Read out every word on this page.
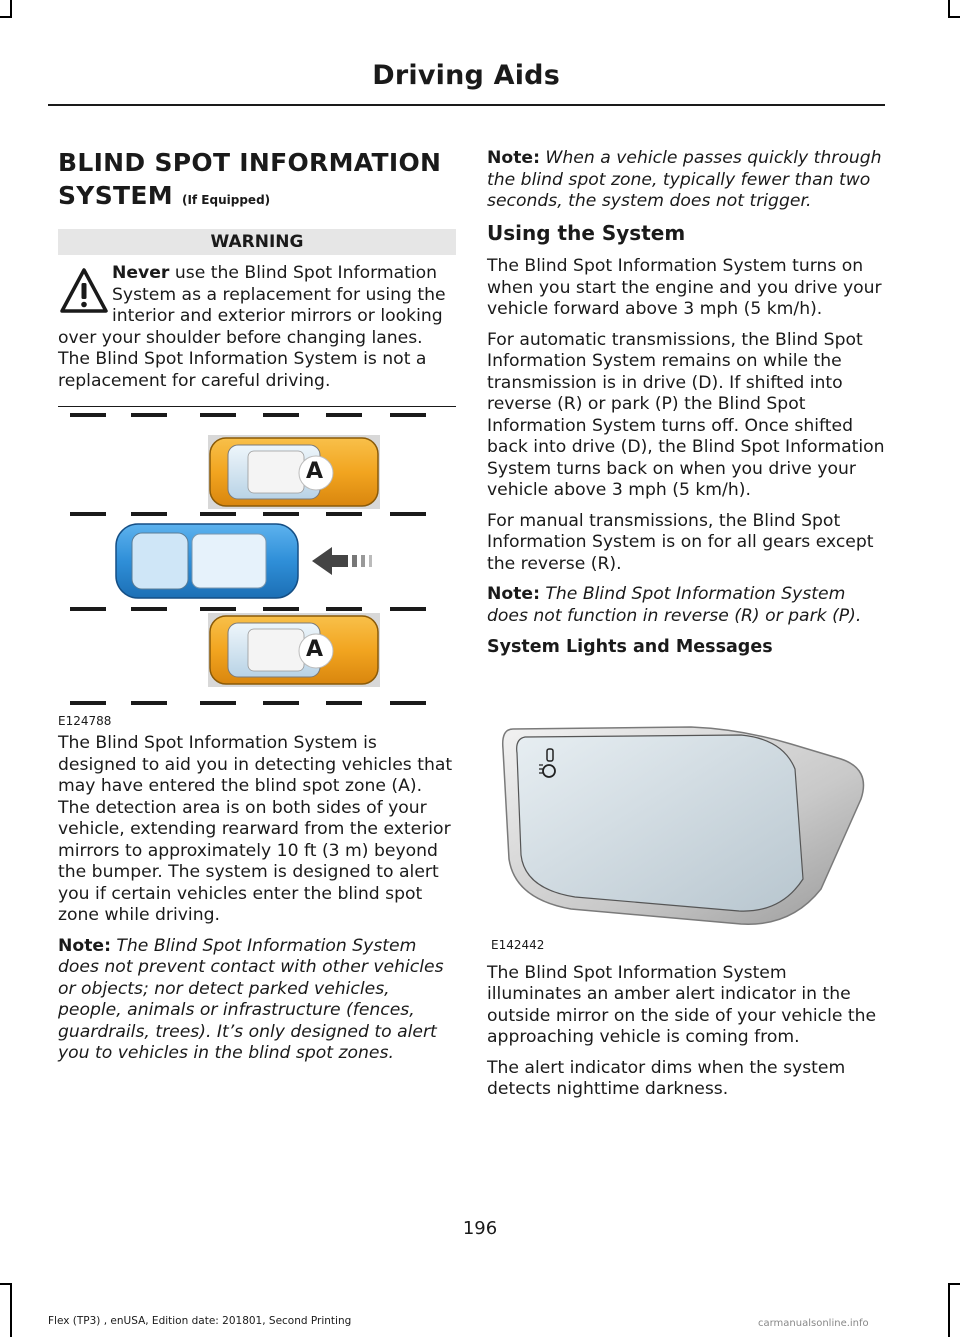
Driving Aids
BLIND SPOT INFORMATION SYSTEM (If Equipped)
WARNING
Never use the Blind Spot Information System as a replacement for using the interior and exterior mirrors or looking over your shoulder before changing lanes. The Blind Spot Information System is not a replacement for careful driving.
A
A
E124788

The Blind Spot Information System is designed to aid you in detecting vehicles that may have entered the blind spot zone (A). The detection area is on both sides of your vehicle, extending rearward from the exterior mirrors to approximately 10 ft (3 m) beyond the bumper. The system is designed to alert you if certain vehicles enter the blind spot zone while driving.

Note: The Blind Spot Information System does not prevent contact with other vehicles or objects; nor detect parked vehicles, people, animals or infrastructure (fences, guardrails, trees). It’s only designed to alert you to vehicles in the blind spot zones.

Note: When a vehicle passes quickly through the blind spot zone, typically fewer than two seconds, the system does not trigger.

Using the System

The Blind Spot Information System turns on when you start the engine and you drive your vehicle forward above 3 mph (5 km/h).

For automatic transmissions, the Blind Spot Information System remains on while the transmission is in drive (D). If shifted into reverse (R) or park (P) the Blind Spot Information System turns off. Once shifted back into drive (D), the Blind Spot Information System turns back on when you drive your vehicle above 3 mph (5 km/h).

For manual transmissions, the Blind Spot Information System is on for all gears except the reverse (R).

Note: The Blind Spot Information System does not function in reverse (R) or park (P).

System Lights and Messages
E142442

The Blind Spot Information System illuminates an amber alert indicator in the outside mirror on the side of your vehicle the approaching vehicle is coming from.

The alert indicator dims when the system detects nighttime darkness.

196
Flex (TP3) , enUSA, Edition date: 201801, Second Printing	carmanualsonline.info
